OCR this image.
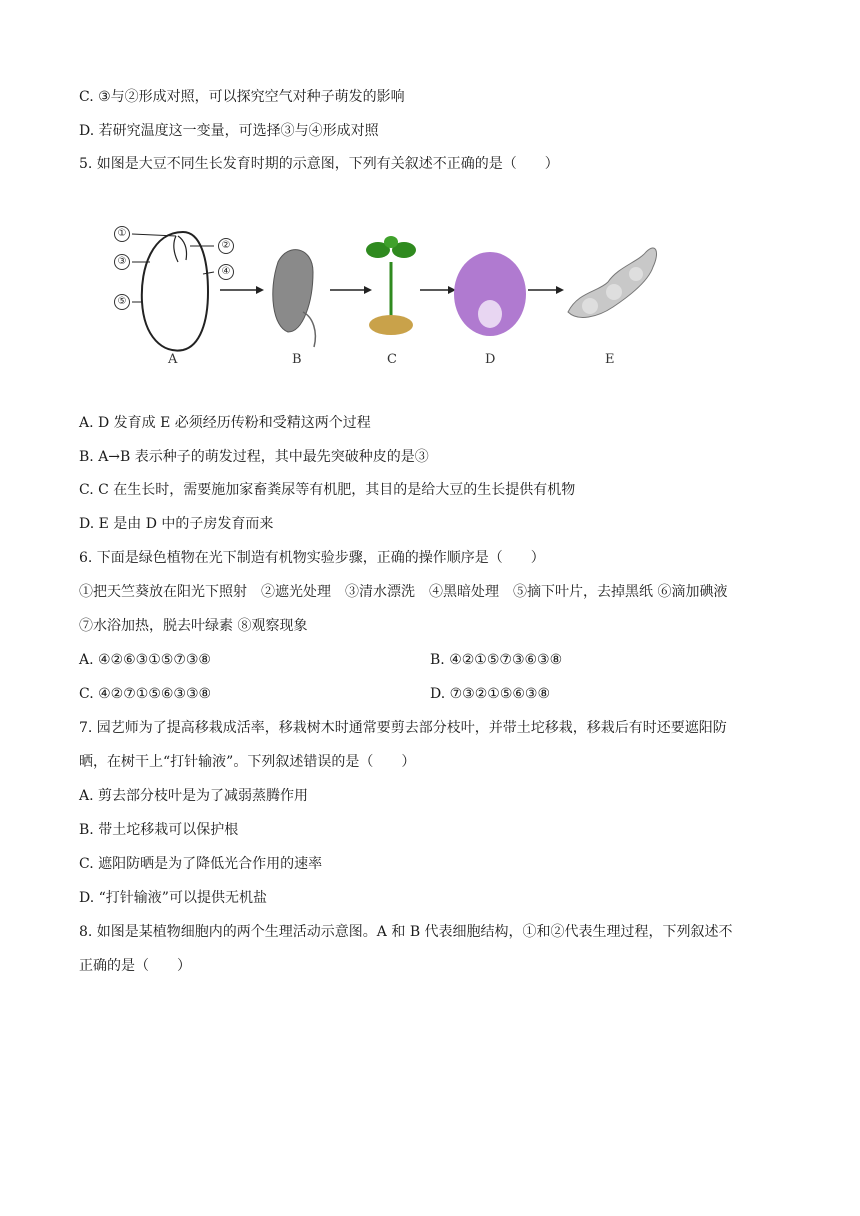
C. ③与②形成对照，可以探究空气对种子萌发的影响
D. 若研究温度这一变量，可选择③与④形成对照
5. 如图是大豆不同生长发育时期的示意图，下列有关叙述不正确的是（　　）
①
②
③
④
⑤
A	B	C	D	E
A. D 发育成 E 必须经历传粉和受精这两个过程
B. A→B 表示种子的萌发过程，其中最先突破种皮的是③
C. C 在生长时，需要施加家畜粪尿等有机肥，其目的是给大豆的生长提供有机物
D. E 是由 D 中的子房发育而来
6. 下面是绿色植物在光下制造有机物实验步骤，正确的操作顺序是（　　）
①把天竺葵放在阳光下照射　②遮光处理　③清水漂洗　④黑暗处理　⑤摘下叶片，去掉黑纸 ⑥滴加碘液
⑦水浴加热，脱去叶绿素 ⑧观察现象
A. ④②⑥③①⑤⑦③⑧	B. ④②①⑤⑦③⑥③⑧
C. ④②⑦①⑤⑥③③⑧	D. ⑦③②①⑤⑥③⑧
7. 园艺师为了提高移栽成活率，移栽树木时通常要剪去部分枝叶，并带土坨移栽，移栽后有时还要遮阳防
晒，在树干上“打针输液”。下列叙述错误的是（　　）
A. 剪去部分枝叶是为了减弱蒸腾作用
B. 带土坨移栽可以保护根
C. 遮阳防晒是为了降低光合作用的速率
D. “打针输液”可以提供无机盐
8. 如图是某植物细胞内的两个生理活动示意图。A 和 B 代表细胞结构，①和②代表生理过程，下列叙述不
正确的是（　　）
